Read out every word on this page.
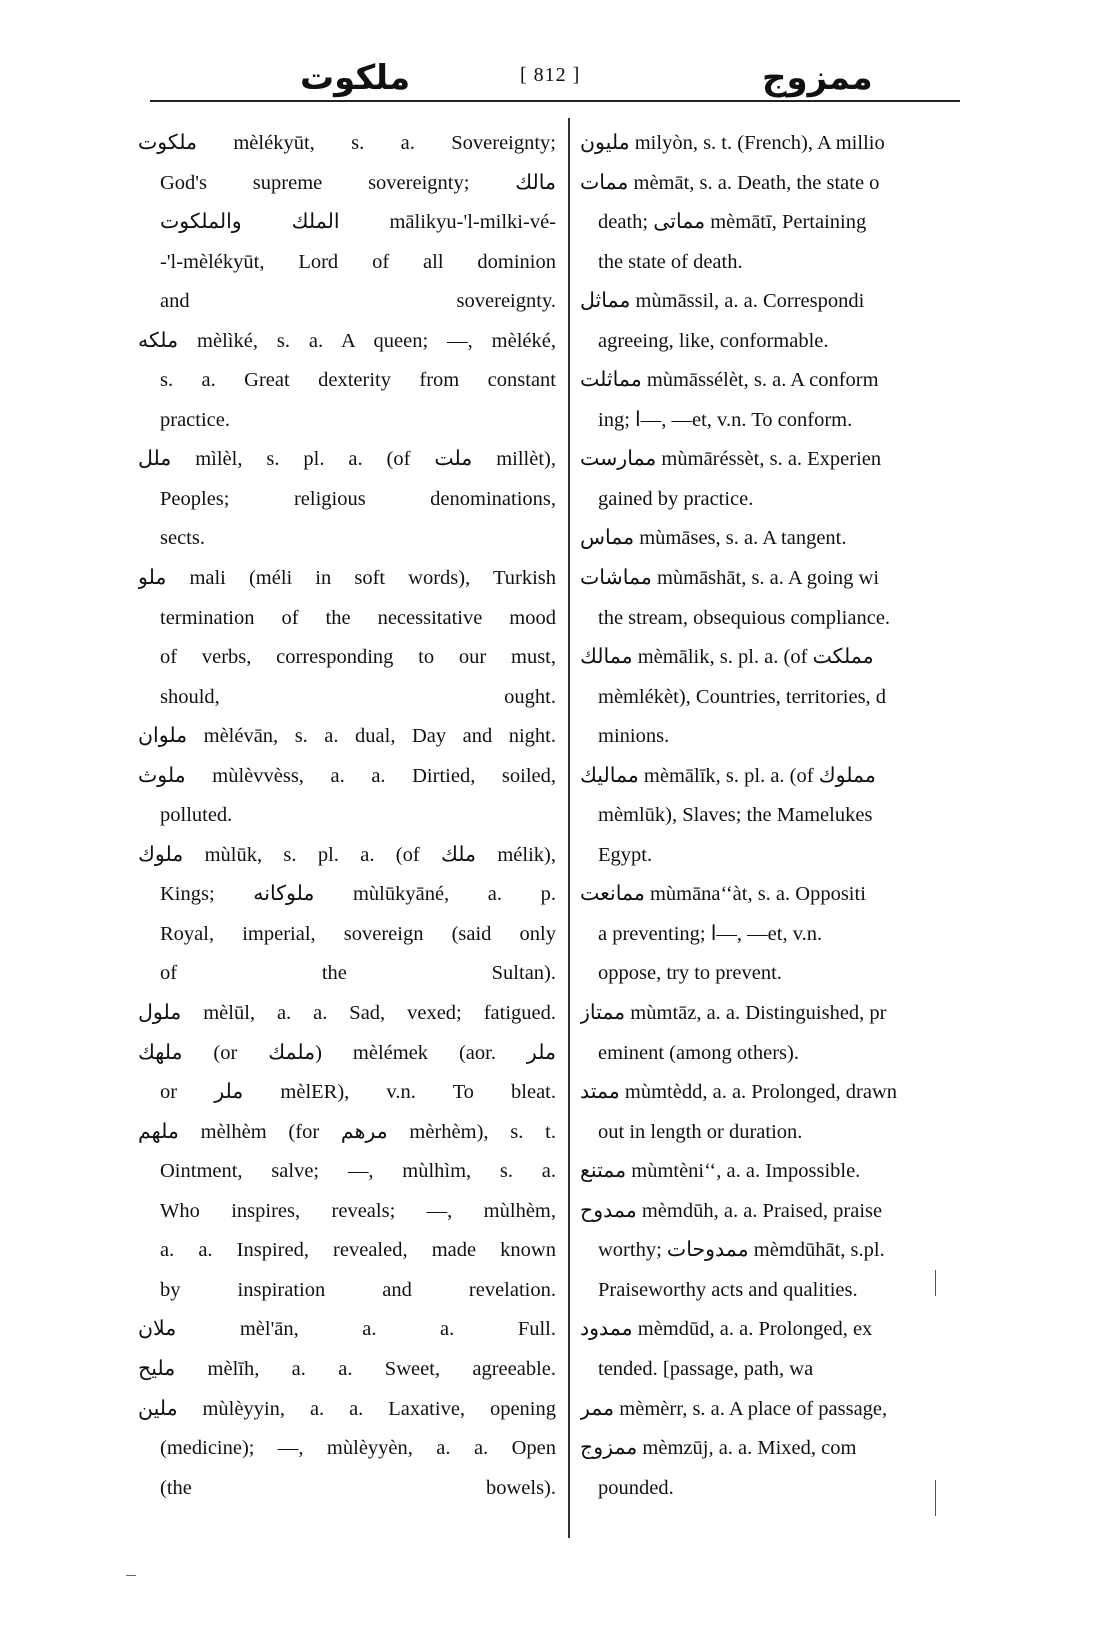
ملكوت	[ 812 ]	ممزوج
ملكوت mèlékyūt, s. a. Sovereignty;
God's supreme sovereignty; مالك
الملك والملكوت mālikyu-'l-milki-vé-
-'l-mèlékyūt, Lord of all dominion
and sovereignty.
ملكه mèlìké, s. a. A queen; —, mèléké,
s. a. Great dexterity from constant
practice.
ملل mìlèl, s. pl. a. (of ملت millèt),
Peoples; religious denominations,
sects.
ملو mali (méli in soft words), Turkish
termination of the necessitative mood
of verbs, corresponding to our must,
should, ought.
ملوان mèlévān, s. a. dual, Day and night.
ملوث mùlèvvèss, a. a. Dirtied, soiled,
polluted.
ملوك mùlūk, s. pl. a. (of ملك mélik),
Kings; ملوكانه mùlūkyāné, a. p.
Royal, imperial, sovereign (said only
of the Sultan).
ملول mèlūl, a. a. Sad, vexed; fatigued.
ملهك (or ملمك) mèlémek (aor. ملر
or ملر mèlER), v.n. To bleat.
ملهم mèlhèm (for مرهم mèrhèm), s. t.
Ointment, salve; —, mùlhìm, s. a.
Who inspires, reveals; —, mùlhèm,
a. a. Inspired, revealed, made known
by inspiration and revelation.
ملان mèl'ān, a. a. Full.
مليح mèlīh, a. a. Sweet, agreeable.
ملين mùlèyyin, a. a. Laxative, opening
(medicine); —, mùlèyyèn, a. a. Open
(the bowels).
مليون milyòn, s. t. (French), A millio
ممات mèmāt, s. a. Death, the state o
death; مماتى mèmātī, Pertaining
the state of death.
مماثل mùmāssil, a. a. Correspondi
agreeing, like, conformable.
مماثلت mùmāssélèt, s. a. A conform
ing; ا—, —et, v.n. To conform.
ممارست mùmāréssèt, s. a. Experien
gained by practice.
مماس mùmāses, s. a. A tangent.
مماشات mùmāshāt, s. a. A going wi
the stream, obsequious compliance.
ممالك mèmālik, s. pl. a. (of مملكت
mèmlékèt), Countries, territories, d
minions.
مماليك mèmālīk, s. pl. a. (of مملوك
mèmlūk), Slaves; the Mamelukes
Egypt.
ممانعت mùmāna‘‘àt, s. a. Oppositi
a preventing; ا—, —et, v.n.
oppose, try to prevent.
ممتاز mùmtāz, a. a. Distinguished, pr
eminent (among others).
ممتد mùmtèdd, a. a. Prolonged, drawn
out in length or duration.
ممتنع mùmtèni‘‘, a. a. Impossible.
ممدوح mèmdūh, a. a. Praised, praise
worthy; ممدوحات mèmdūhāt, s.pl.
Praiseworthy acts and qualities.
ممدود mèmdūd, a. a. Prolonged, ex
tended. [passage, path, wa
ممر mèmèrr, s. a. A place of passage,
ممزوج mèmzūj, a. a. Mixed, com
pounded.
